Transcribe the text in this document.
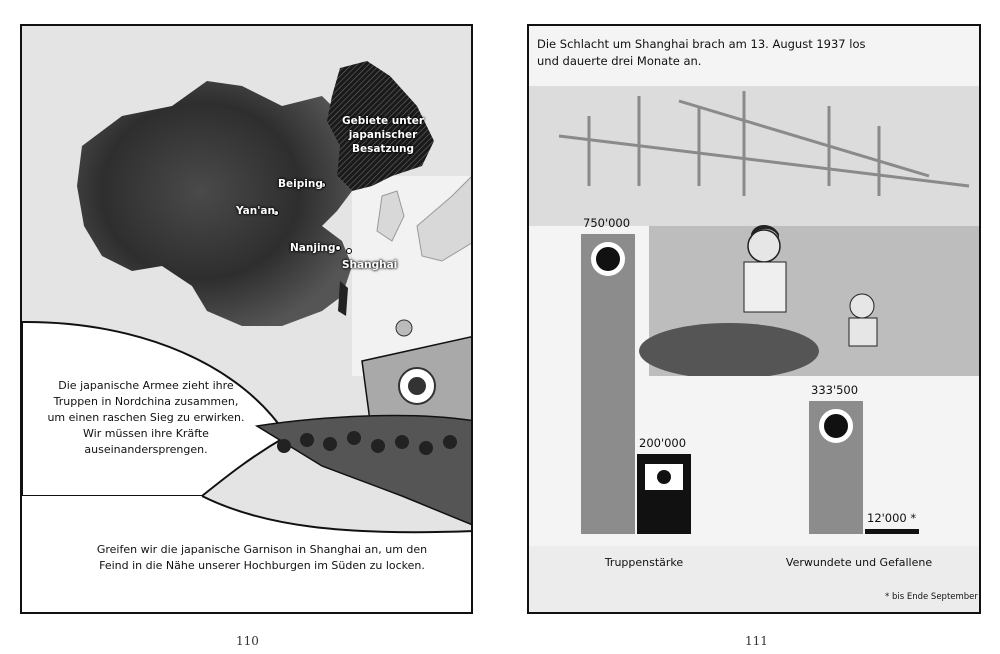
Gebiete unter japanischer Besatzung
Beiping
Yan'an
Nanjing
Shanghai
Die japanische Armee zieht ihre Truppen in Nordchina zusammen, um einen raschen Sieg zu erwirken. Wir müssen ihre Kräfte auseinandersprengen.
Greifen wir die japanische Garnison in Shanghai an, um den Feind in die Nähe unserer Hochburgen im Süden zu locken.
110
Die Schlacht um Shanghai brach am 13. August 1937 los und dauerte drei Monate an.
750'000
200'000
333'500
12'000 *
Truppenstärke	Verwundete und Gefallene
* bis Ende September
111
